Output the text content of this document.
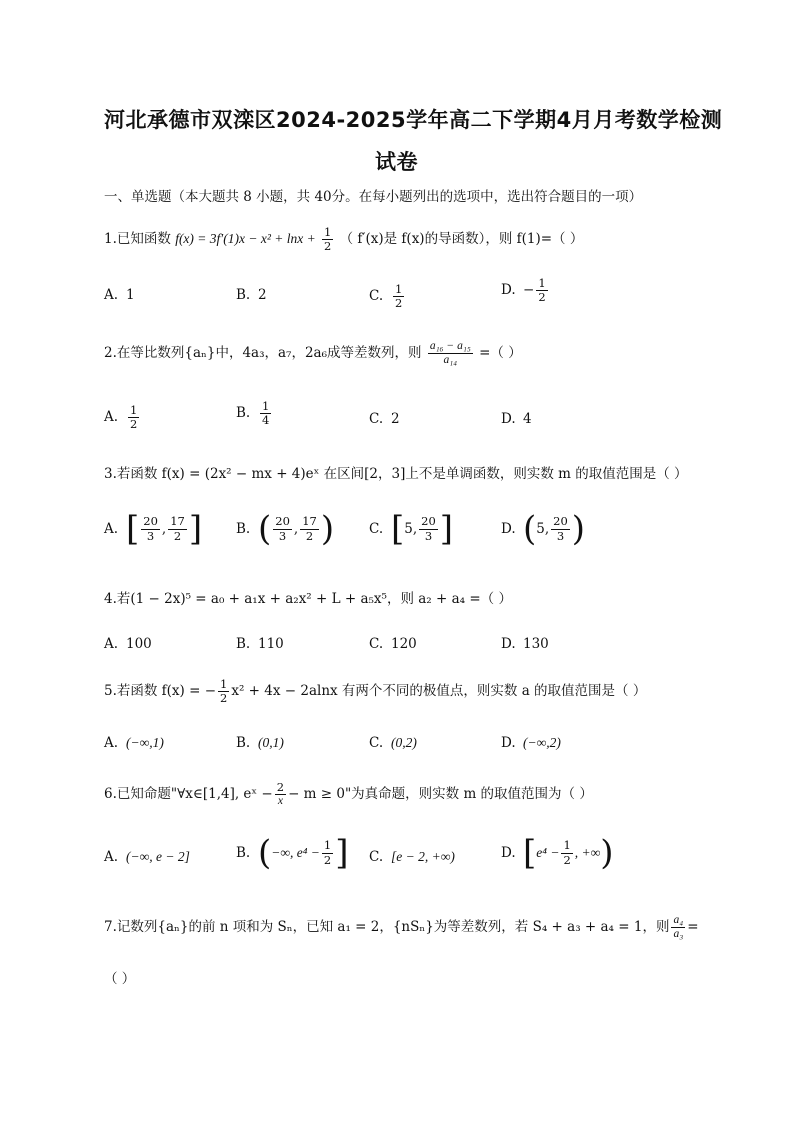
河北承德市双滦区2024-2025学年高二下学期4月月考数学检测
试卷
一、单选题（本大题共 8 小题，共 40分。在每小题列出的选项中，选出符合题目的一项）
1.已知函数 $f(x) = 3f'(1)x - x^2 + \ln x + \frac{1}{2}$ （ f′(x)是 f(x)的导函数），则 f(1)=（ ）
A. 1	B. 2	C. $\frac{1}{2}$	D. − $\frac{1}{2}$
2.在等比数列{aₙ}中，4a₃，a₇，2a₆成等差数列，则 $\frac{\text{a₁₆ − a₁₅}}{\text{a₁₄}}$ =（ ）
A. $\frac{1}{2}$	B. $\frac{1}{4}$	C. 2	D. 4
3.若函数 f(x) = (2x² − mx + 4)eˣ 在区间[2，3]上不是单调函数，则实数 m 的取值范围是（ ）
A. [ $\frac{20}{3}$ , $\frac{17}{2}$ ]	B. ( $\frac{20}{3}$ , $\frac{17}{2}$ )	C. [ 5, $\frac{20}{3}$ ]	D. ( 5, $\frac{20}{3}$ )
4.若(1 − 2x)⁵ = a₀ + a₁x + a₂x² + L + a₅x⁵，则 a₂ + a₄ =（ ）
A. 100	B. 110	C. 120	D. 130
5.若函数 f(x) = − $\frac{1}{2} x^2 + 4x - 2alnx$ 有两个不同的极值点，则实数 a 的取值范围是（ ）
A. (−∞,1)	B. (0,1)	C. (0,2)	D. (−∞,2)
6.已知命题"∀x∈[1,4], eˣ − $\frac{2}{x} - m \ge 0$"为真命题，则实数 m 的取值范围为（ ）
A. (−∞, e − 2]	B. ( −∞, $e^4 - \frac{1}{2}$ ] C. [e − 2, +∞)	D. [ $e^4 - \frac{1}{2}$ , +∞ )
7.记数列{aₙ}的前 n 项和为 Sₙ，已知 a₁ = 2，{nSₙ}为等差数列，若 S₄ + a₃ + a₄ = 1，则 $\frac{\text{a₄}}{\text{a₃}}$ =
（ ）
